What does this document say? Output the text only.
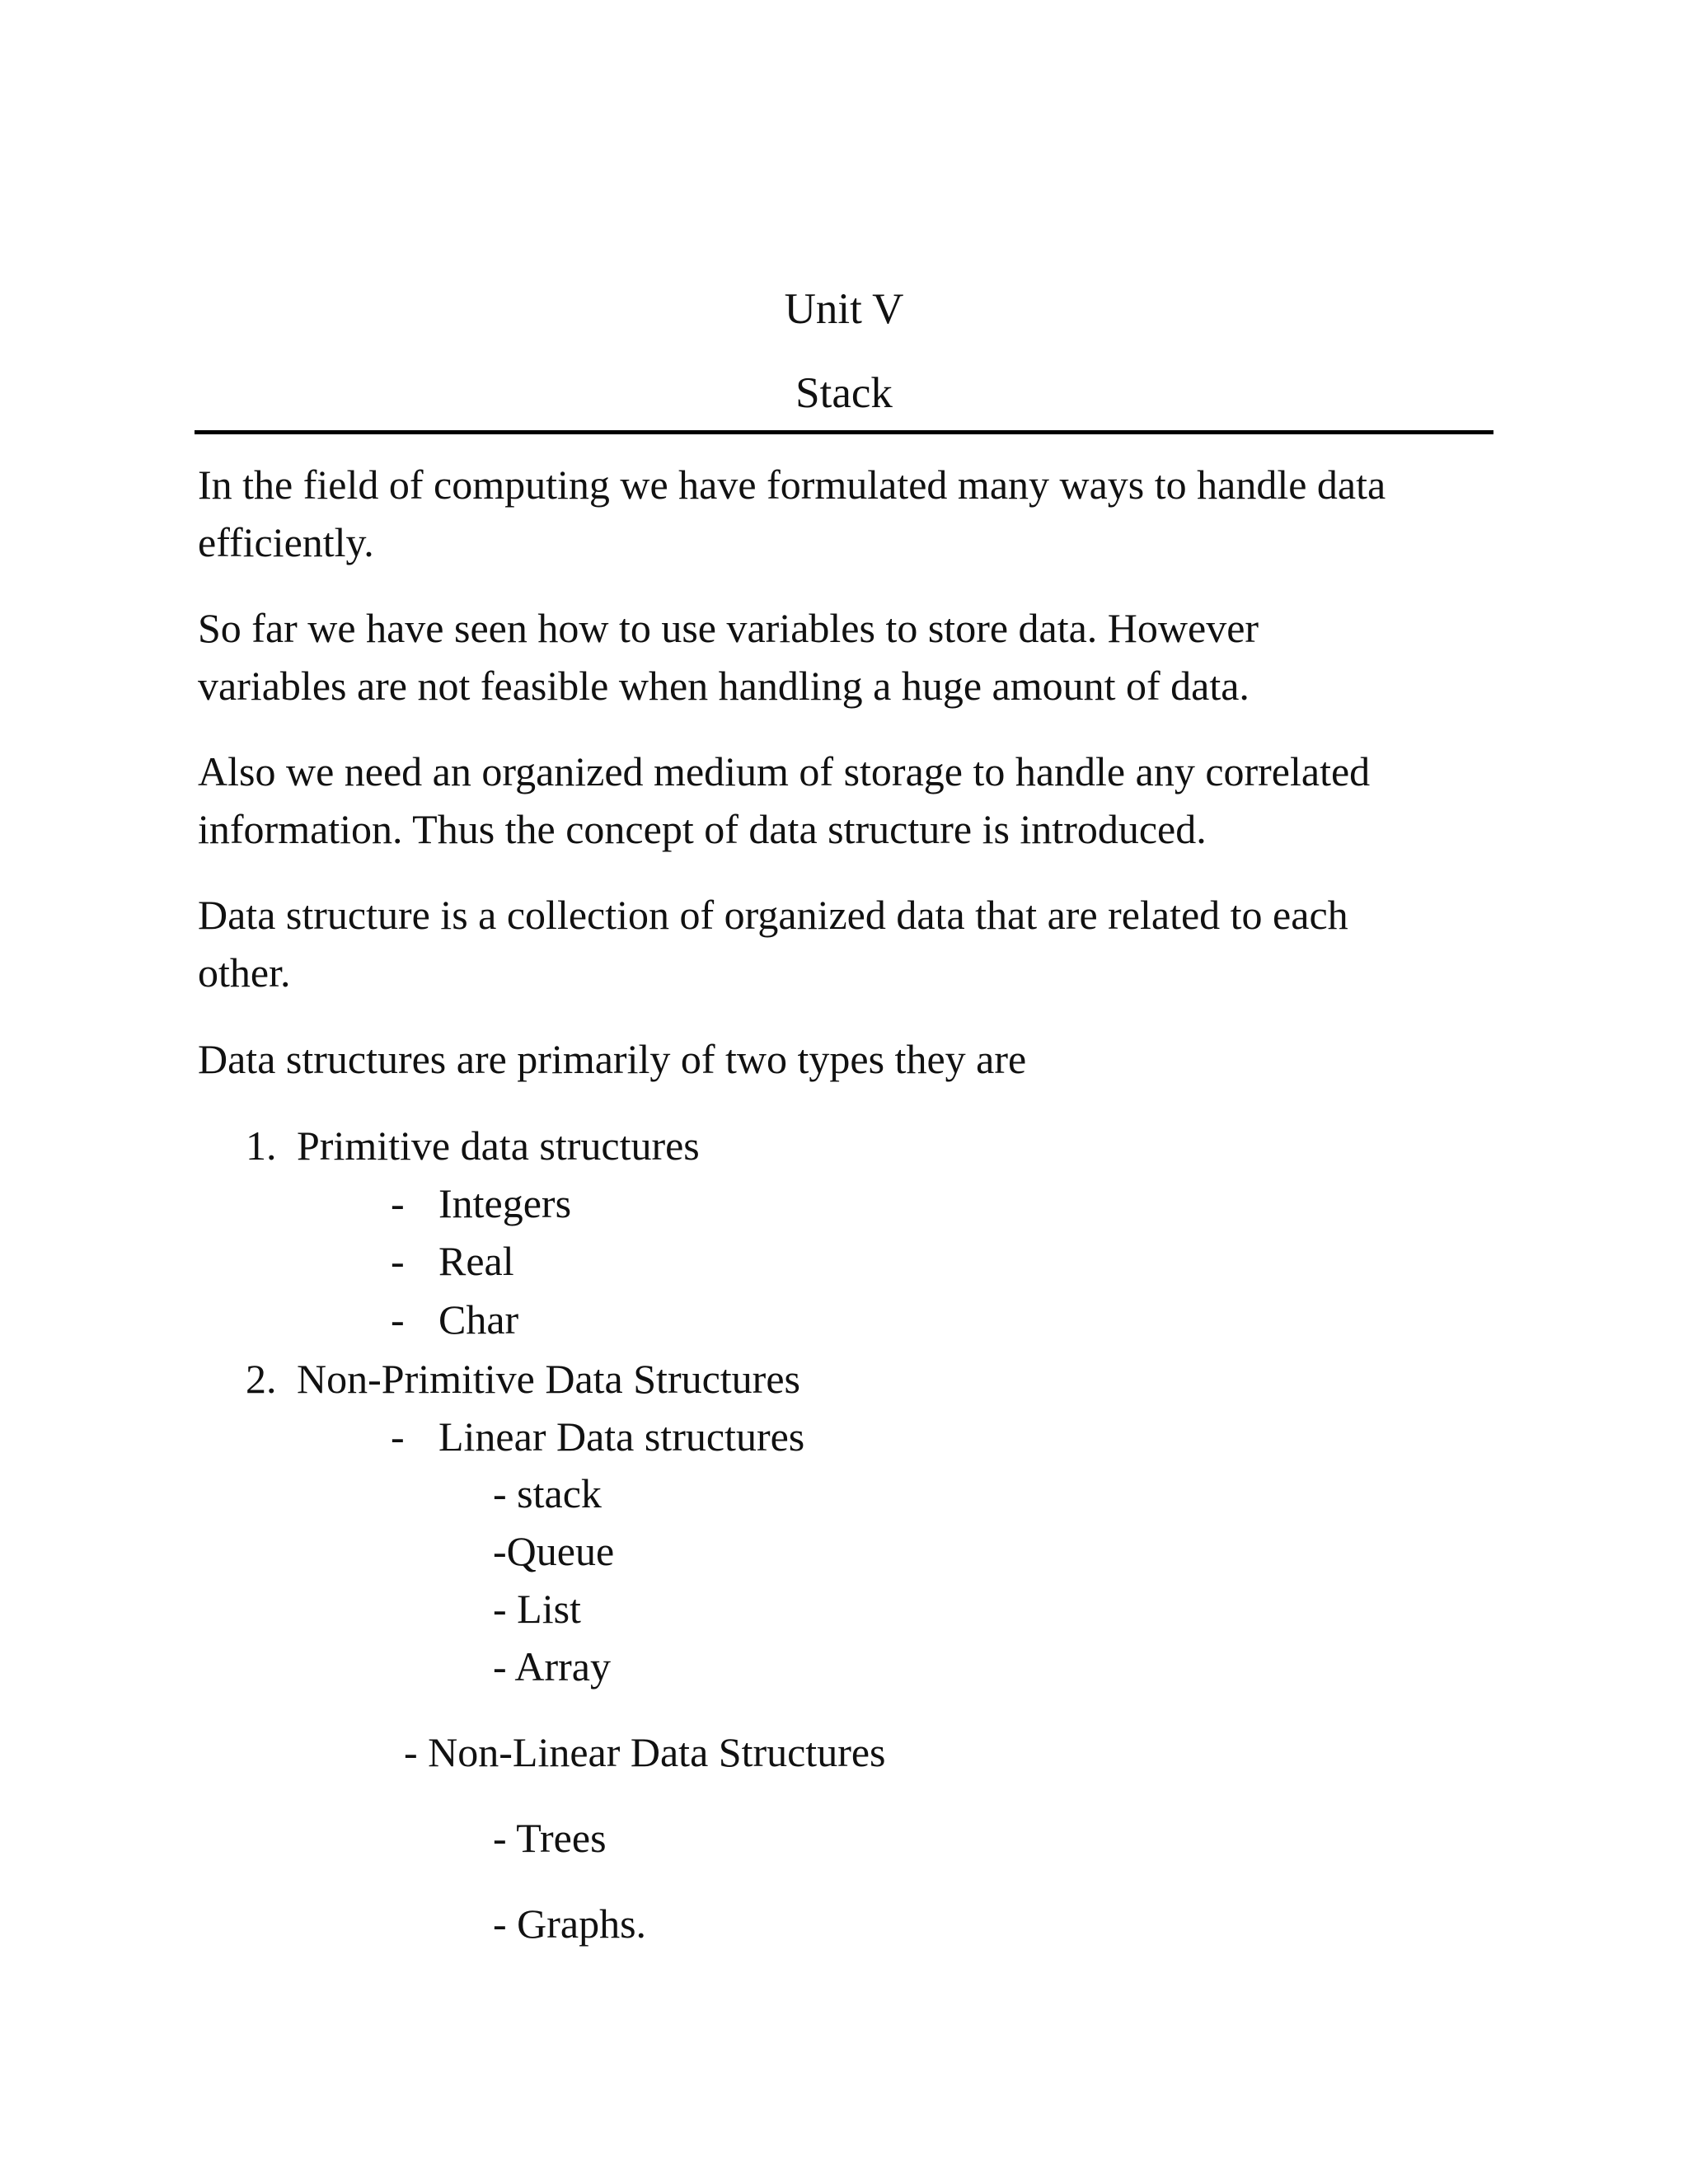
Unit V
Stack
In the field of computing we have formulated many ways to handle data
efficiently.
So far we have seen how to use variables to store data. However
variables are not feasible when handling a huge amount of data.
Also we need an organized medium of storage to handle any correlated
information. Thus the concept of data structure is introduced.
Data structure is a collection of organized data that are related to each
other.
Data structures are primarily of two types they are
1. Primitive data structures
- Integers
- Real
- Char
2. Non-Primitive Data Structures
- Linear Data structures
- stack
-Queue
- List
- Array
- Non-Linear Data Structures
- Trees
- Graphs.
